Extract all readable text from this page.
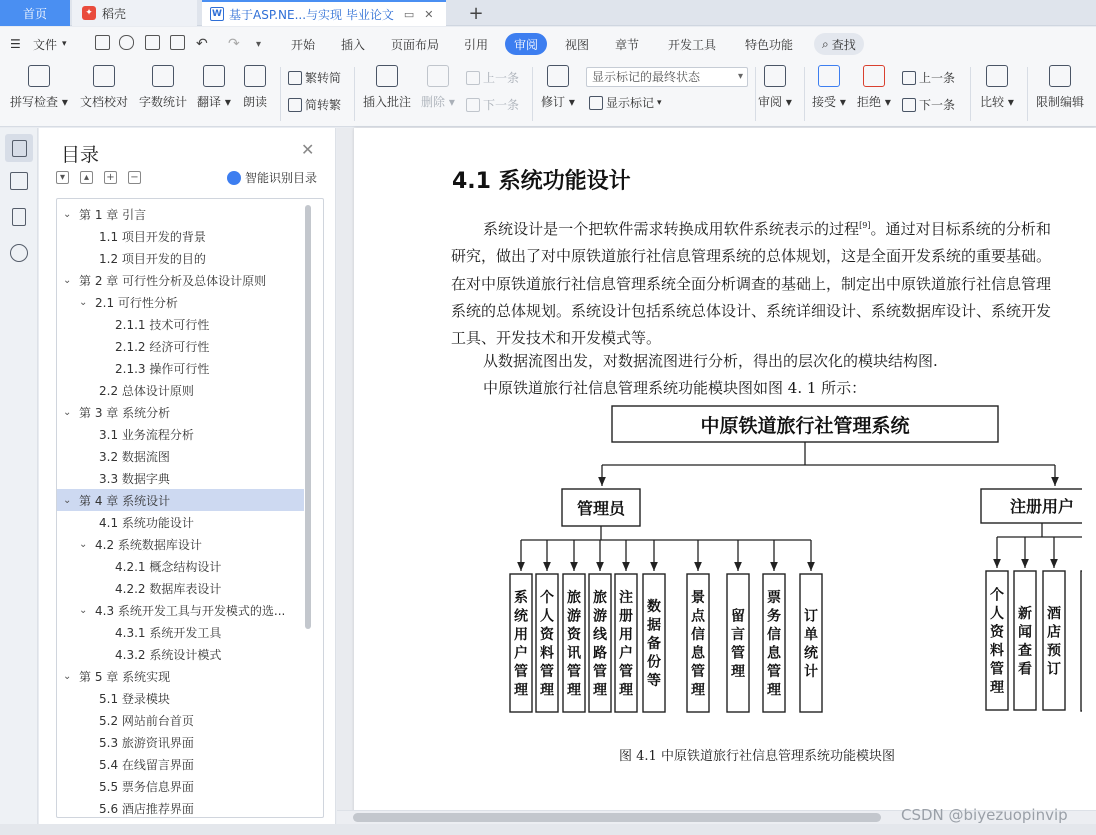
首页	✦ 稻壳	W 基于ASP.NE...与实现 毕业论文 ▭ ✕ +
☰ 文件 ▾	↶ ↷ ▾ 开始 插入 页面布局 引用	审阅	视图 章节 开发工具 特色功能 ⌕ 查找
拼写检查 ▾ 文档校对 字数统计 翻译 ▾ 朗读
繁转简
简转繁 插入批注 删除 ▾
上一条
下一条 修订 ▾	显示标记 ▾	审阅 ▾ 接受 ▾ 拒绝 ▾
上一条
下一条 比较 ▾ 限制编辑
显示标记的最终状态 ▾
目录	✕
▾	▴	+ −	智能识别目录
⌄ 第 1 章 引言
1.1 项目开发的背景
1.2 项目开发的目的
⌄ 第 2 章 可行性分析及总体设计原则
⌄ 2.1 可行性分析
2.1.1 技术可行性
2.1.2 经济可行性
2.1.3 操作可行性
2.2 总体设计原则
⌄ 第 3 章 系统分析
3.1 业务流程分析
3.2 数据流图
3.3 数据字典
⌄ 第 4 章 系统设计
4.1 系统功能设计
⌄ 4.2 系统数据库设计
4.2.1 概念结构设计
4.2.2 数据库表设计
⌄ 4.3 系统开发工具与开发模式的选...
4.3.1 系统开发工具
4.3.2 系统设计模式
⌄ 第 5 章 系统实现
5.1 登录模块
5.2 网站前台首页
5.3 旅游资讯界面
5.4 在线留言界面
5.5 票务信息界面
5.6 酒店推荐界面
4.1 系统功能设计
系统设计是一个把软件需求转换成用软件系统表示的过程[9]。通过对目标系统的分析和研究，做出了对中原铁道旅行社信息管理系统的总体规划，这是全面开发系统的重要基础。在对中原铁道旅行社信息管理系统全面分析调查的基础上，制定出中原铁道旅行社信息管理系统的总体规划。系统设计包括系统总体设计、系统详细设计、系统数据库设计、系统开发工具、开发技术和开发模式等。
从数据流图出发，对数据流图进行分析，得出的层次化的模块结构图.
中原铁道旅行社信息管理系统功能模块图如图 4. 1 所示：
中原铁道旅行社管理系统
管理员	注册用户
系统用户管理
个人资料管理
旅游资讯管理
旅游线路管理
注册用户管理
数据备份等
景点信息管理
留言管理
票务信息管理
订单统计
个人资料管理
新闻查看
酒店预订
图 4.1 中原铁道旅行社信息管理系统功能模块图
CSDN @biyezuopinvip
